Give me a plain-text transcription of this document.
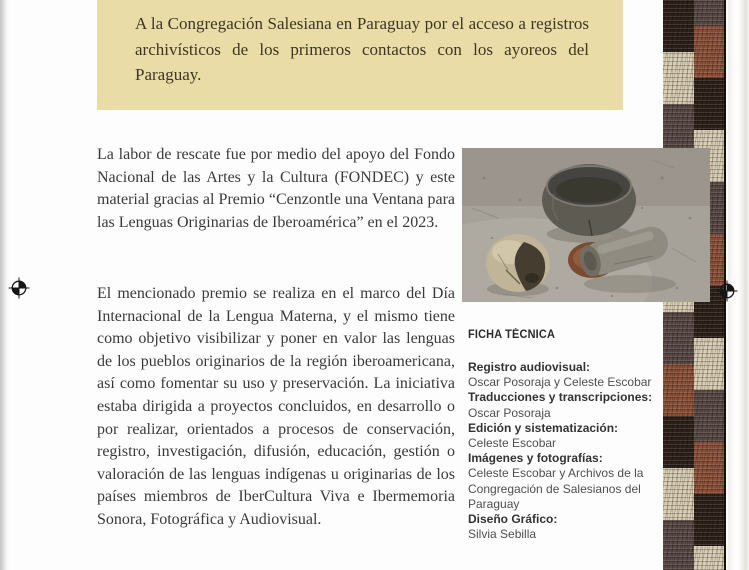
A la Congregación Salesiana en Paraguay por el acceso a registros archivísticos de los primeros contactos con los ayoreos del Paraguay.

La labor de rescate fue por medio del apoyo del Fondo Nacional de las Artes y la Cultura (FONDEC) y este material gracias al Premio “Cenzontle una Ventana para las Lenguas Originarias de Iberoamérica” en el 2023.

El mencionado premio se realiza en el marco del Día Internacional de la Lengua Materna, y el mismo tiene como objetivo visibilizar y poner en valor las lenguas de los pueblos originarios de la región iberoamericana, así como fomentar su uso y preservación. La iniciativa estaba dirigida a proyectos concluidos, en desarrollo o por realizar, orientados a procesos de conservación, registro, investigación, difusión, educación, gestión o valoración de las lenguas indígenas u originarias de los países miembros de IberCultura Viva e Ibermemoria Sonora, Fotográfica y Audiovisual.

FICHA TÉCNICA
Registro audiovisual:
Oscar Posoraja y Celeste Escobar
Traducciones y transcripciones:
Oscar Posoraja
Edición y sistematización:
Celeste Escobar
Imágenes y fotografías:
Celeste Escobar y Archivos de la Congregación de Salesianos del Paraguay
Diseño Gráfico:
Silvia Sebilla
